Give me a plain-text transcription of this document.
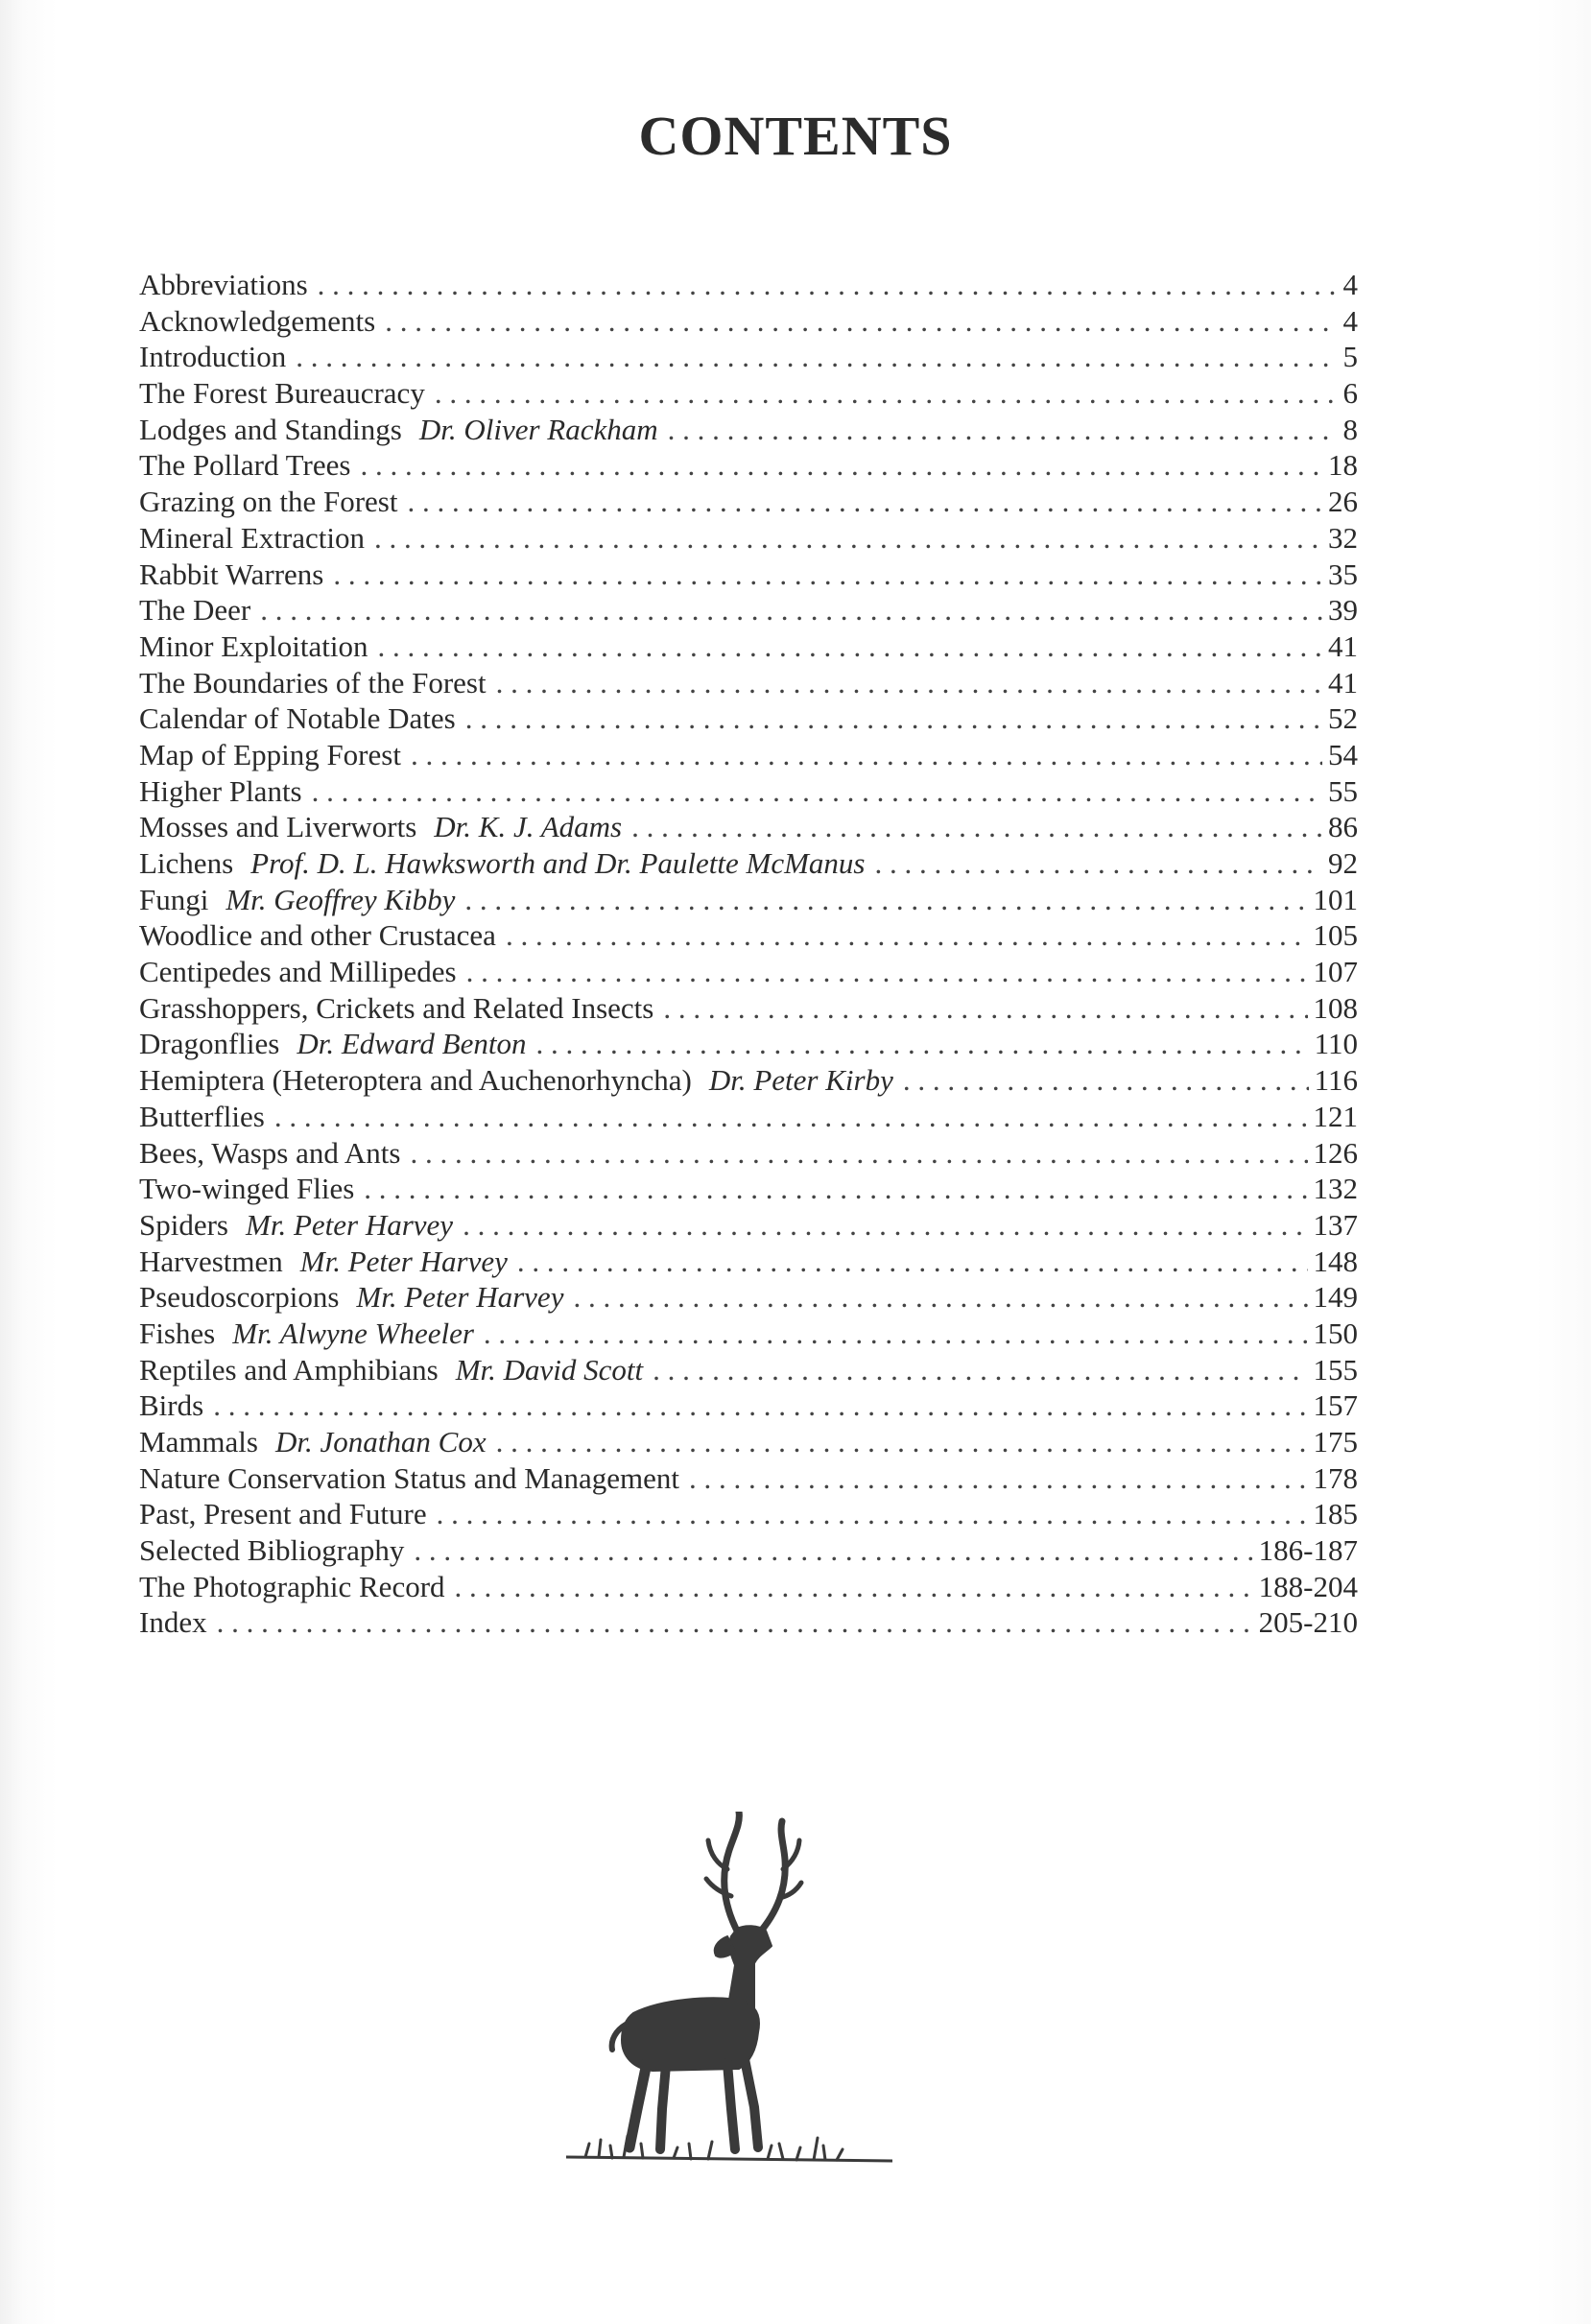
CONTENTS
Abbreviations . . .	4
Acknowledgements . . .	4
Introduction . . .	5
The Forest Bureaucracy . . .	6
Lodges and Standings Dr. Oliver Rackham . . .	8
The Pollard Trees . . .	18
Grazing on the Forest . . .	26
Mineral Extraction . . .	32
Rabbit Warrens . . .	35
The Deer . . .	39
Minor Exploitation . . .	41
The Boundaries of the Forest . . .	41
Calendar of Notable Dates . . .	52
Map of Epping Forest . . .	54
Higher Plants . . .	55
Mosses and Liverworts Dr. K. J. Adams . . .	86
Lichens Prof. D. L. Hawksworth and Dr. Paulette McManus . . .	92
Fungi Mr. Geoffrey Kibby . . .	101
Woodlice and other Crustacea . . .	105
Centipedes and Millipedes . . .	107
Grasshoppers, Crickets and Related Insects . . .	108
Dragonflies Dr. Edward Benton . . .	110
Hemiptera (Heteroptera and Auchenorhyncha) Dr. Peter Kirby . . .	116
Butterflies . . .	121
Bees, Wasps and Ants . . .	126
Two-winged Flies . . .	132
Spiders Mr. Peter Harvey . . .	137
Harvestmen Mr. Peter Harvey . . .	148
Pseudoscorpions Mr. Peter Harvey . . .	149
Fishes Mr. Alwyne Wheeler . . .	150
Reptiles and Amphibians Mr. David Scott . . .	155
Birds . . .	157
Mammals Dr. Jonathan Cox . . .	175
Nature Conservation Status and Management . . .	178
Past, Present and Future . . .	185
Selected Bibliography . . .	186-187
The Photographic Record . . .	188-204
Index . . .	205-210
